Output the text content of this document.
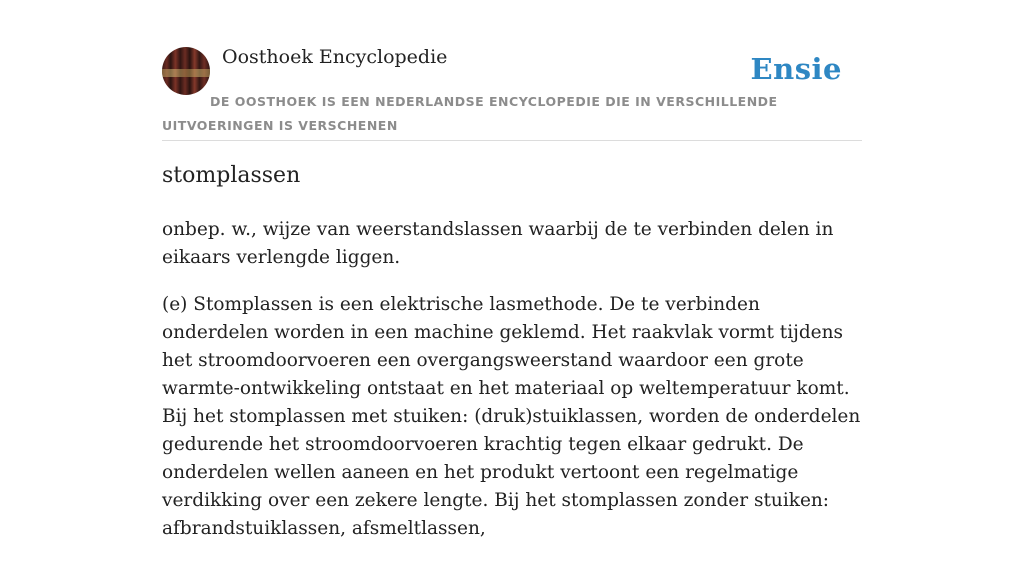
Oosthoek Encyclopedie	Ensie
DE OOSTHOEK IS EEN NEDERLANDSE ENCYCLOPEDIE DIE IN VERSCHILLENDE UITVOERINGEN IS VERSCHENEN
stomplassen

onbep. w., wijze van weerstandslassen waarbij de te verbinden delen in eikaars verlengde liggen.

(e) Stomplassen is een elektrische lasmethode. De te verbinden onderdelen worden in een machine geklemd. Het raakvlak vormt tijdens het stroomdoorvoeren een overgangsweerstand waardoor een grote warmte-ontwikkeling ontstaat en het materiaal op weltemperatuur komt. Bij het stomplassen met stuiken: (druk)stuiklassen, worden de onderdelen gedurende het stroomdoorvoeren krachtig tegen elkaar gedrukt. De onderdelen wellen aaneen en het produkt vertoont een regelmatige verdikking over een zekere lengte. Bij het stomplassen zonder stuiken: afbrandstuiklassen, afsmeltlassen,
